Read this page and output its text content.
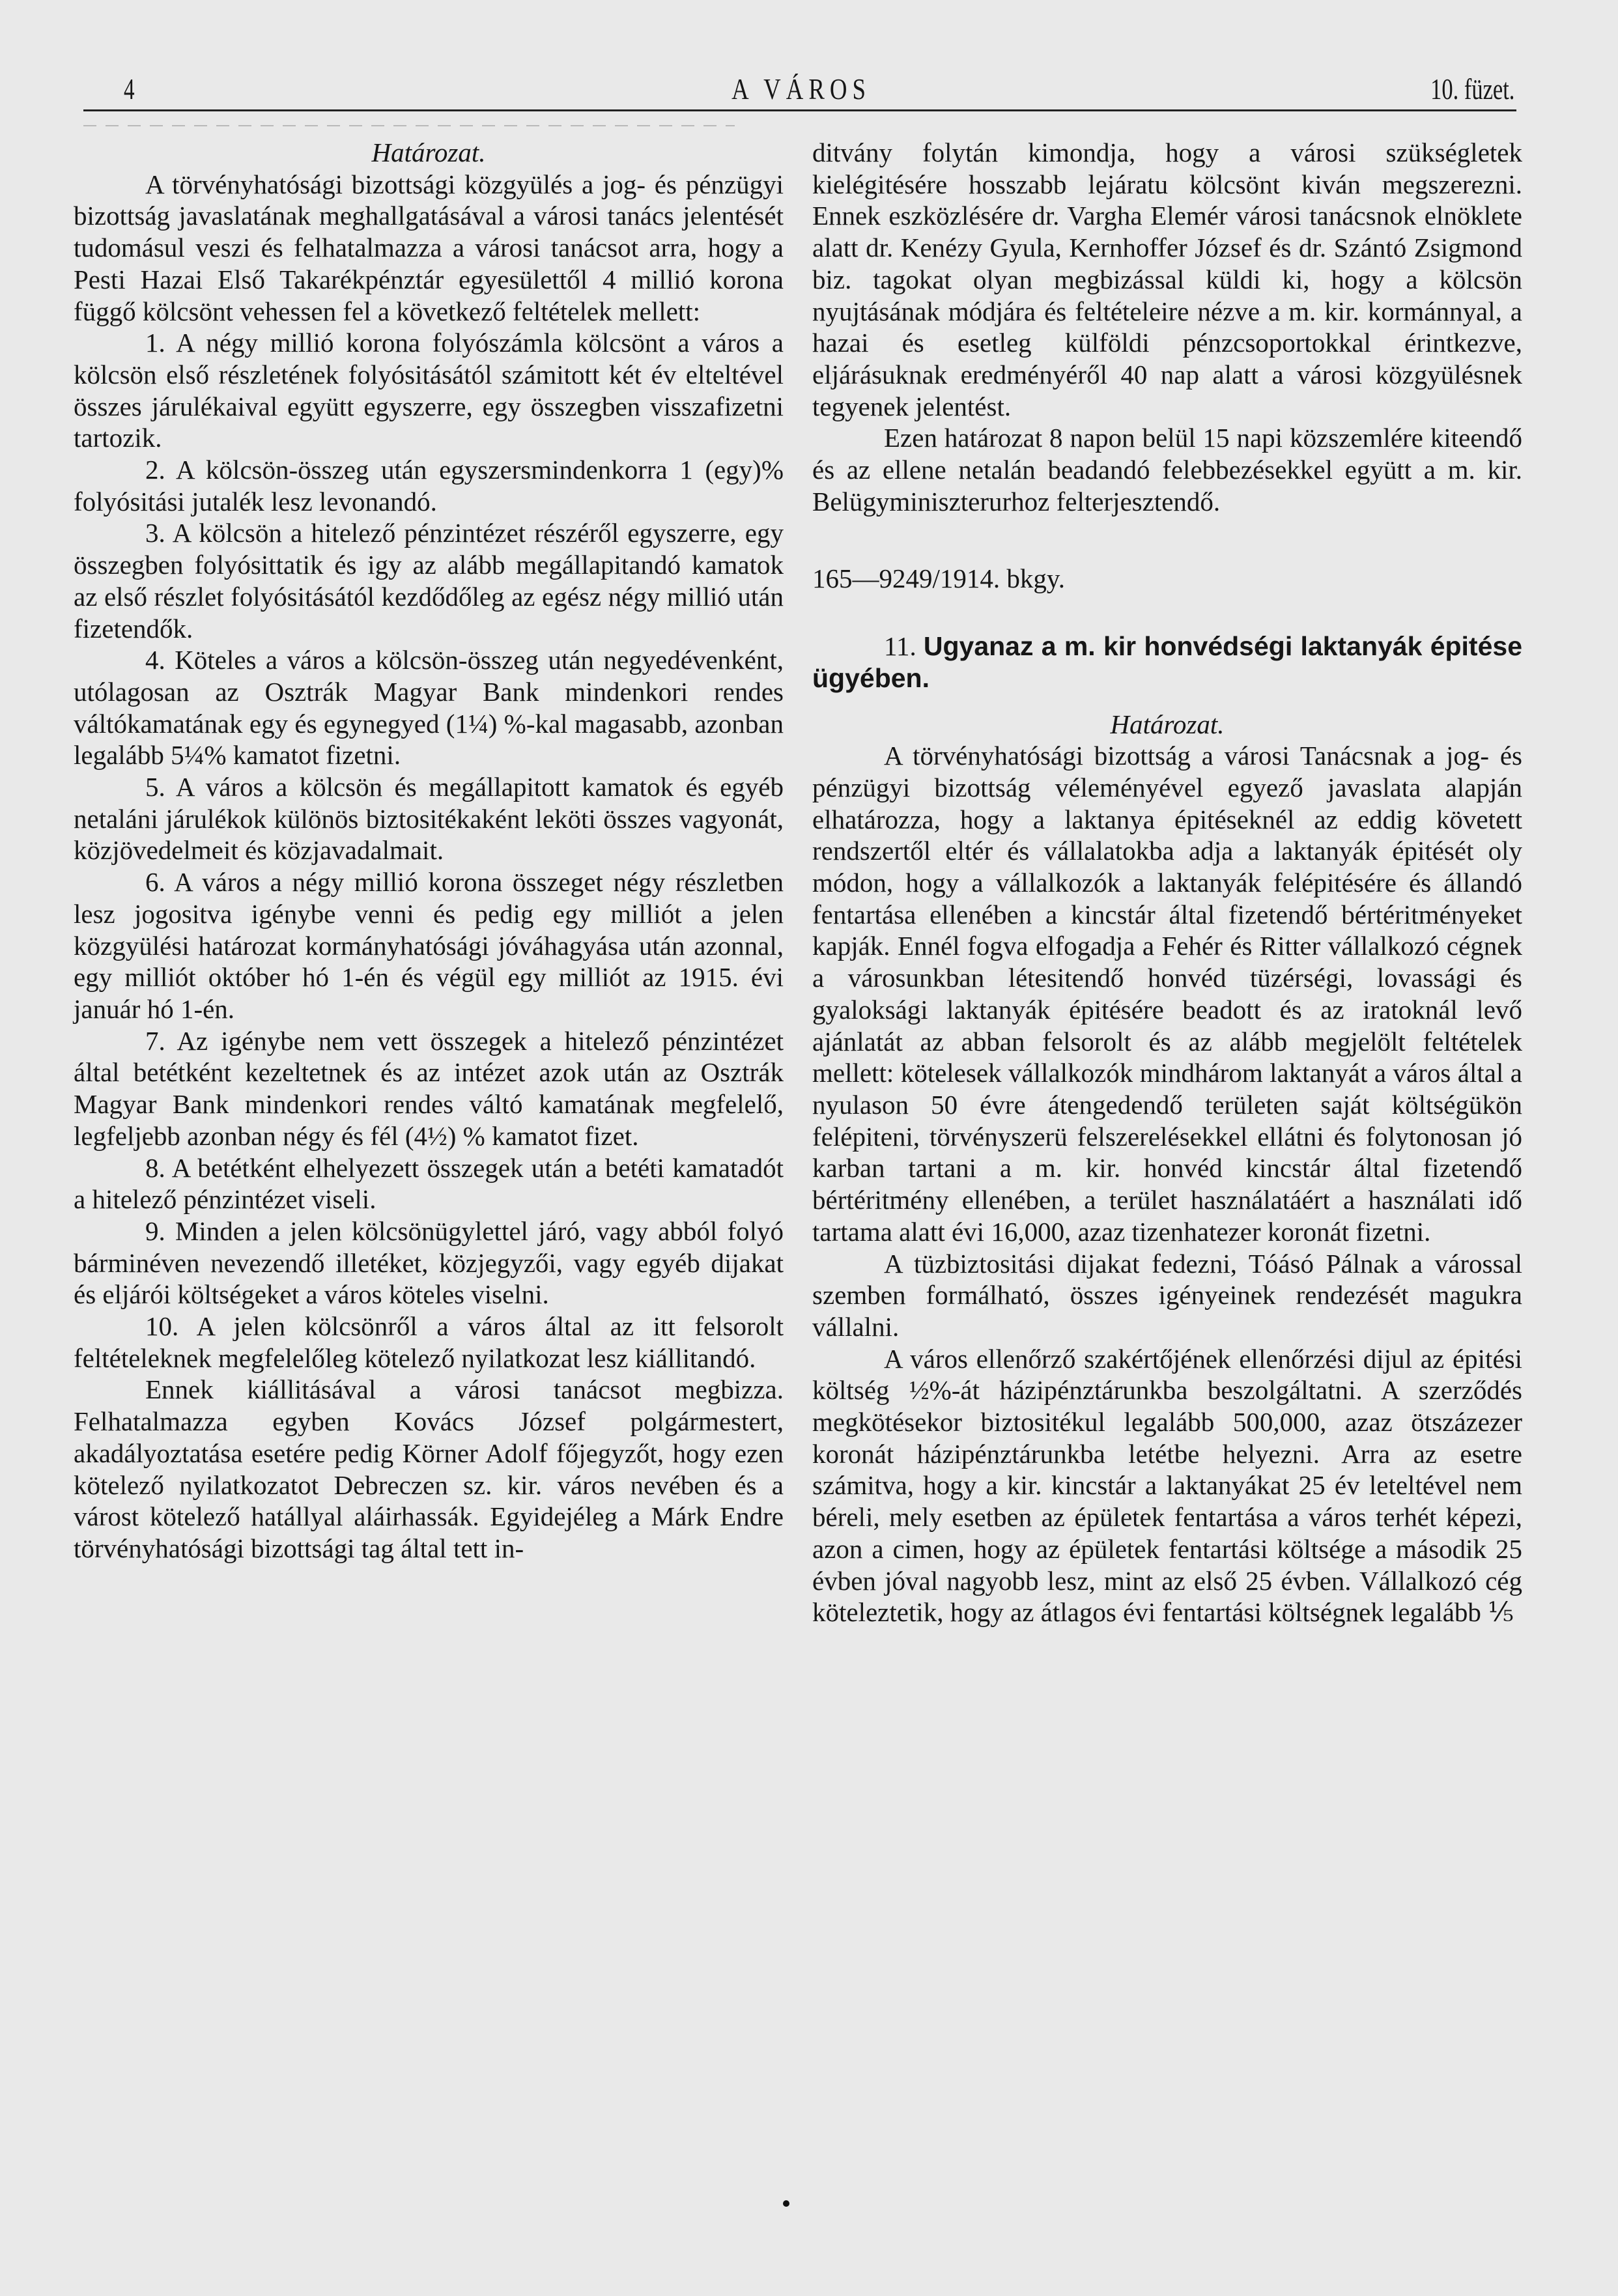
4	A VÁROS	10. füzet.

Határozat.

A törvényhatósági bizottsági közgyülés a jog- és pénzügyi bizottság javaslatának meghallgatásával a városi tanács jelentését tudomásul veszi és felhatalmazza a városi tanácsot arra, hogy a Pesti Hazai Első Takarékpénztár egyesülettől 4 millió korona függő kölcsönt vehessen fel a következő feltételek mellett:

1. A négy millió korona folyószámla kölcsönt a város a kölcsön első részletének folyósitásától számitott két év elteltével összes járulékaival együtt egyszerre, egy összegben visszafizetni tartozik.

2. A kölcsön-összeg után egyszersmindenkorra 1 (egy)% folyósitási jutalék lesz levonandó.

3. A kölcsön a hitelező pénzintézet részéről egyszerre, egy összegben folyósittatik és igy az alább megállapitandó kamatok az első részlet folyósitásától kezdődőleg az egész négy millió után fizetendők.

4. Köteles a város a kölcsön-összeg után negyedévenként, utólagosan az Osztrák Magyar Bank mindenkori rendes váltókamatának egy és egynegyed (1¼) %-kal magasabb, azonban legalább 5¼% kamatot fizetni.

5. A város a kölcsön és megállapitott kamatok és egyéb netaláni járulékok különös biztositékaként leköti összes vagyonát, közjövedelmeit és közjavadalmait.

6. A város a négy millió korona összeget négy részletben lesz jogositva igénybe venni és pedig egy milliót a jelen közgyülési határozat kormányhatósági jóváhagyása után azonnal, egy milliót október hó 1-én és végül egy milliót az 1915. évi január hó 1-én.

7. Az igénybe nem vett összegek a hitelező pénzintézet által betétként kezeltetnek és az intézet azok után az Osztrák Magyar Bank mindenkori rendes váltó kamatának megfelelő, legfeljebb azonban négy és fél (4½) % kamatot fizet.

8. A betétként elhelyezett összegek után a betéti kamatadót a hitelező pénzintézet viseli.

9. Minden a jelen kölcsönügylettel járó, vagy abból folyó bárminéven nevezendő illetéket, közjegyzői, vagy egyéb dijakat és eljárói költségeket a város köteles viselni.

10. A jelen kölcsönről a város által az itt felsorolt feltételeknek megfelelőleg kötelező nyilatkozat lesz kiállitandó.

Ennek kiállitásával a városi tanácsot megbizza. Felhatalmazza egyben Kovács József polgármestert, akadályoztatása esetére pedig Körner Adolf főjegyzőt, hogy ezen kötelező nyilatkozatot Debreczen sz. kir. város nevében és a várost kötelező hatállyal aláirhassák. Egyidejéleg a Márk Endre törvényhatósági bizottsági tag által tett in-

ditvány folytán kimondja, hogy a városi szükségletek kielégitésére hosszabb lejáratu kölcsönt kiván megszerezni. Ennek eszközlésére dr. Vargha Elemér városi tanácsnok elnöklete alatt dr. Kenézy Gyula, Kernhoffer József és dr. Szántó Zsigmond biz. tagokat olyan megbizással küldi ki, hogy a kölcsön nyujtásának módjára és feltételeire nézve a m. kir. kormánnyal, a hazai és esetleg külföldi pénzcsoportokkal érintkezve, eljárásuknak eredményéről 40 nap alatt a városi közgyülésnek tegyenek jelentést.

Ezen határozat 8 napon belül 15 napi közszemlére kiteendő és az ellene netalán beadandó felebbezésekkel együtt a m. kir. Belügyminiszterurhoz felterjesztendő.

165—9249/1914. bkgy.

11. Ugyanaz a m. kir honvédségi laktanyák épitése ügyében.

Határozat.

A törvényhatósági bizottság a városi Tanácsnak a jog- és pénzügyi bizottság véleményével egyező javaslata alapján elhatározza, hogy a laktanya épitéseknél az eddig követett rendszertől eltér és vállalatokba adja a laktanyák épitését oly módon, hogy a vállalkozók a laktanyák felépitésére és állandó fentartása ellenében a kincstár által fizetendő bértéritményeket kapják. Ennél fogva elfogadja a Fehér és Ritter vállalkozó cégnek a városunkban létesitendő honvéd tüzérségi, lovassági és gyaloksági laktanyák épitésére beadott és az iratoknál levő ajánlatát az abban felsorolt és az alább megjelölt feltételek mellett: kötelesek vállalkozók mindhárom laktanyát a város által a nyulason 50 évre átengedendő területen saját költségükön felépiteni, törvényszerü felszerelésekkel ellátni és folytonosan jó karban tartani a m. kir. honvéd kincstár által fizetendő bértéritmény ellenében, a terület használatáért a használati idő tartama alatt évi 16,000, azaz tizenhatezer koronát fizetni.

A tüzbiztositási dijakat fedezni, Tóásó Pálnak a várossal szemben formálható, összes igényeinek rendezését magukra vállalni.

A város ellenőrző szakértőjének ellenőrzési dijul az épitési költség ½%-át házipénztárunkba beszolgáltatni. A szerződés megkötésekor biztositékul legalább 500,000, azaz ötszázezer koronát házipénztárunkba letétbe helyezni. Arra az esetre számitva, hogy a kir. kincstár a laktanyákat 25 év leteltével nem béreli, mely esetben az épületek fentartása a város terhét képezi, azon a cimen, hogy az épületek fentartási költsége a második 25 évben jóval nagyobb lesz, mint az első 25 évben. Vállalkozó cég köteleztetik, hogy az átlagos évi fentartási költségnek legalább ⅕
